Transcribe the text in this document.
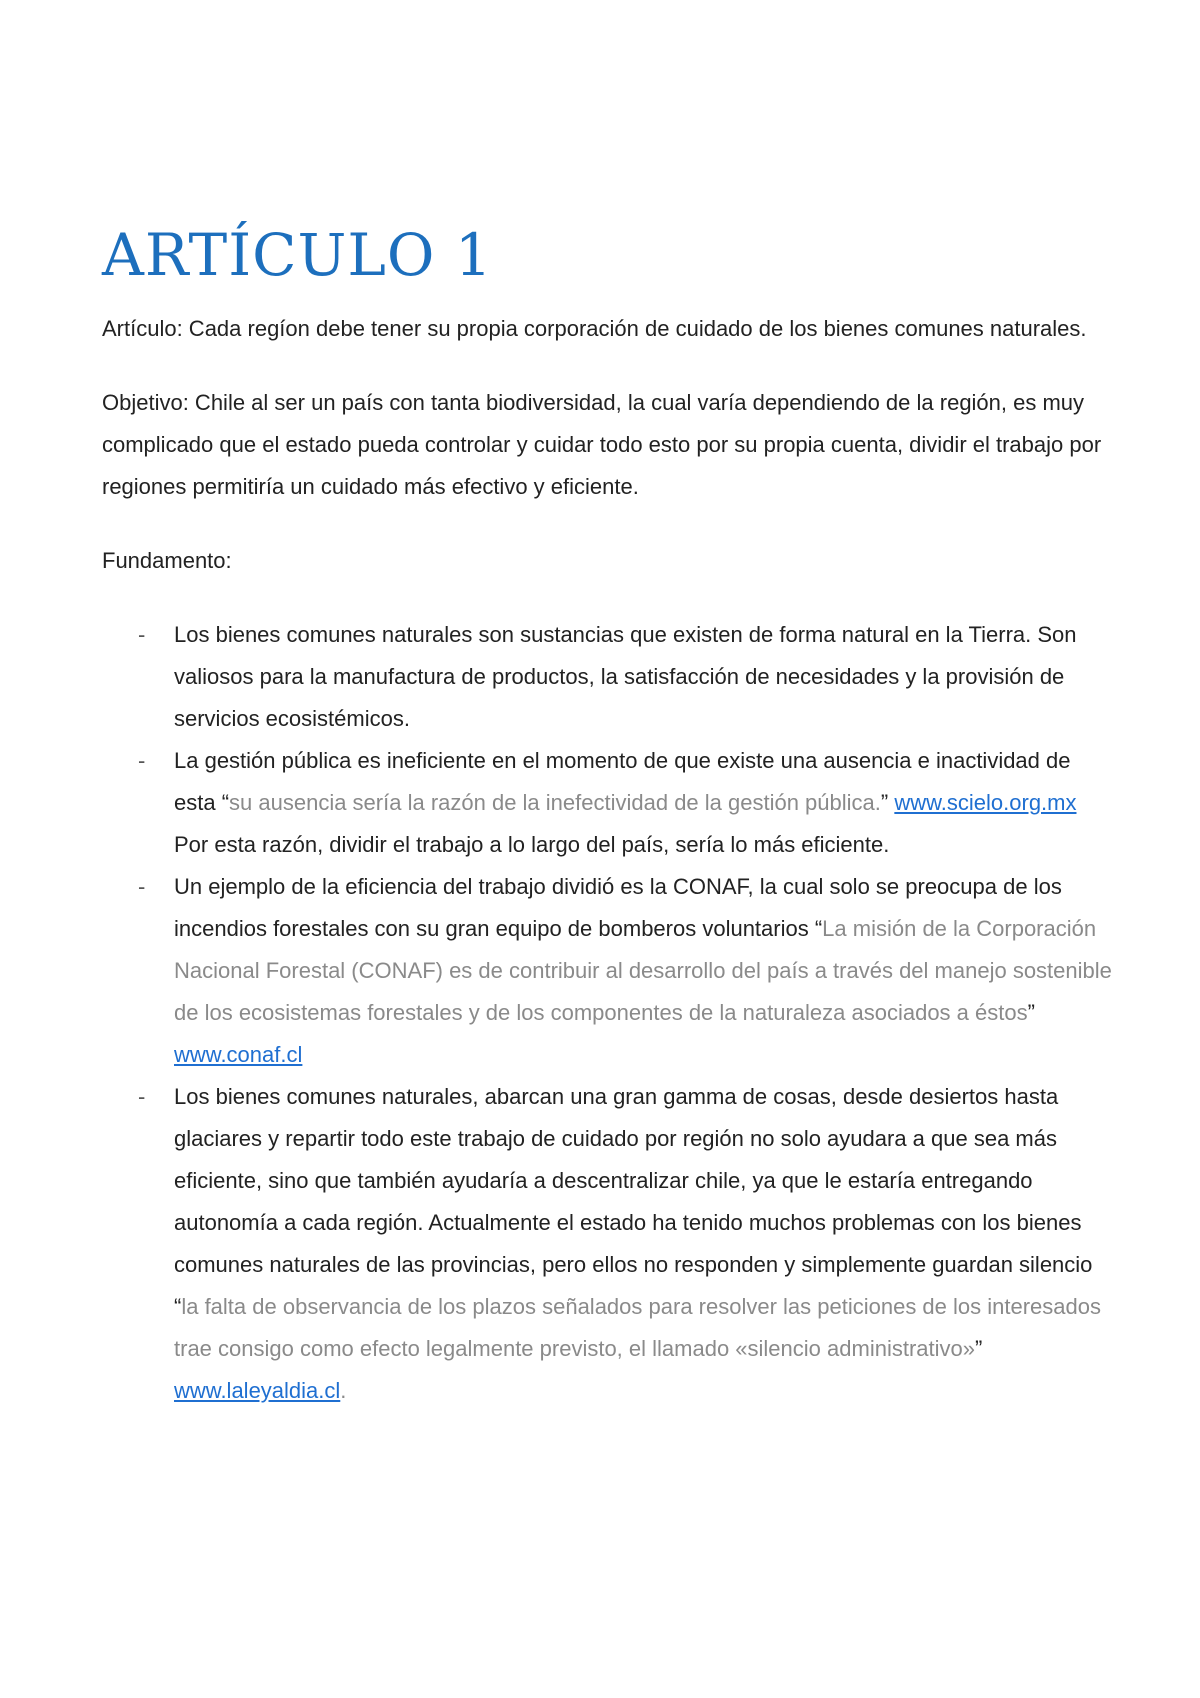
ARTÍCULO 1

Artículo: Cada regíon debe tener su propia corporación de cuidado de los bienes comunes naturales.

Objetivo: Chile al ser un país con tanta biodiversidad, la cual varía dependiendo de la región, es muy complicado que el estado pueda controlar y cuidar todo esto por su propia cuenta, dividir el trabajo por regiones permitiría un cuidado más efectivo y eficiente.

Fundamento:

- Los bienes comunes naturales son sustancias que existen de forma natural en la Tierra. Son valiosos para la manufactura de productos, la satisfacción de necesidades y la provisión de servicios ecosistémicos.
- La gestión pública es ineficiente en el momento de que existe una ausencia e inactividad de esta “su ausencia sería la razón de la inefectividad de la gestión pública.” www.scielo.org.mx Por esta razón, dividir el trabajo a lo largo del país, sería lo más eficiente.
- Un ejemplo de la eficiencia del trabajo dividió es la CONAF, la cual solo se preocupa de los incendios forestales con su gran equipo de bomberos voluntarios “La misión de la Corporación Nacional Forestal (CONAF) es de contribuir al desarrollo del país a través del manejo sostenible de los ecosistemas forestales y de los componentes de la naturaleza asociados a éstos” www.conaf.cl
- Los bienes comunes naturales, abarcan una gran gamma de cosas, desde desiertos hasta glaciares y repartir todo este trabajo de cuidado por región no solo ayudara a que sea más eficiente, sino que también ayudaría a descentralizar chile, ya que le estaría entregando autonomía a cada región. Actualmente el estado ha tenido muchos problemas con los bienes comunes naturales de las provincias, pero ellos no responden y simplemente guardan silencio “la falta de observancia de los plazos señalados para resolver las peticiones de los interesados trae consigo como efecto legalmente previsto, el llamado «silencio administrativo»” www.laleyaldia.cl.
